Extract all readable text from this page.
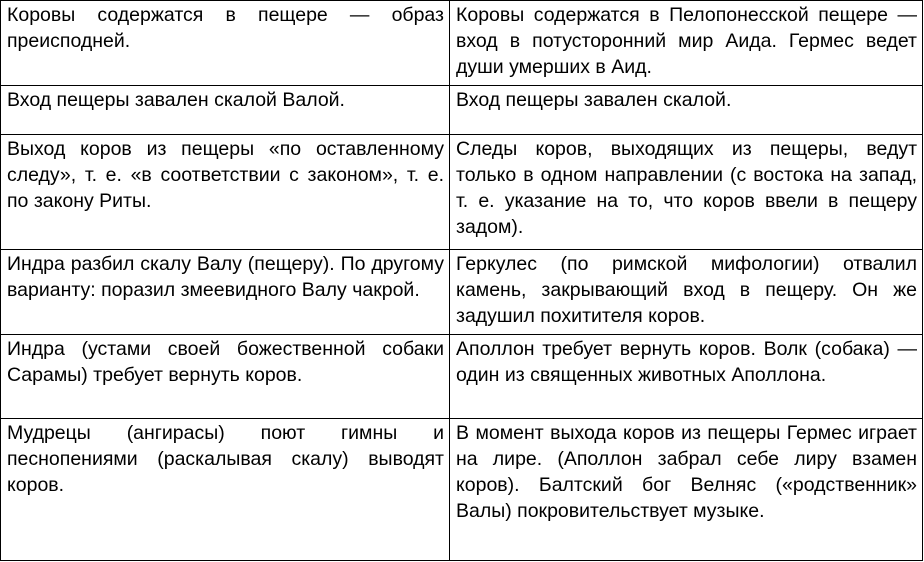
Коровы содержатся в пещере — образ преисподней.	Коровы содержатся в Пелопонесской пещере — вход в потусторонний мир Аида. Гермес ведет души умерших в Аид.
Вход пещеры завален скалой Валой.	Вход пещеры завален скалой.
Выход коров из пещеры «по оставленному следу», т. е. «в соответствии с законом», т. е. по закону Риты.	Следы коров, выходящих из пещеры, ведут только в одном направлении (с востока на запад, т. е. указание на то, что коров ввели в пещеру задом).
Индра разбил скалу Валу (пещеру). По другому варианту: поразил змеевидного Валу чакрой.	Геркулес (по римской мифологии) отвалил камень, закрывающий вход в пещеру. Он же задушил похитителя коров.
Индра (устами своей божественной собаки Сарамы) требует вернуть коров.	Аполлон требует вернуть коров. Волк (собака) — один из священных животных Аполлона.
Мудрецы (ангирасы) поют гимны и песнопениями (раскалывая скалу) выводят коров.	В момент выхода коров из пещеры Гермес играет на лире. (Аполлон забрал себе лиру взамен коров). Балтский бог Велняс («родственник» Валы) покровительствует музыке.
